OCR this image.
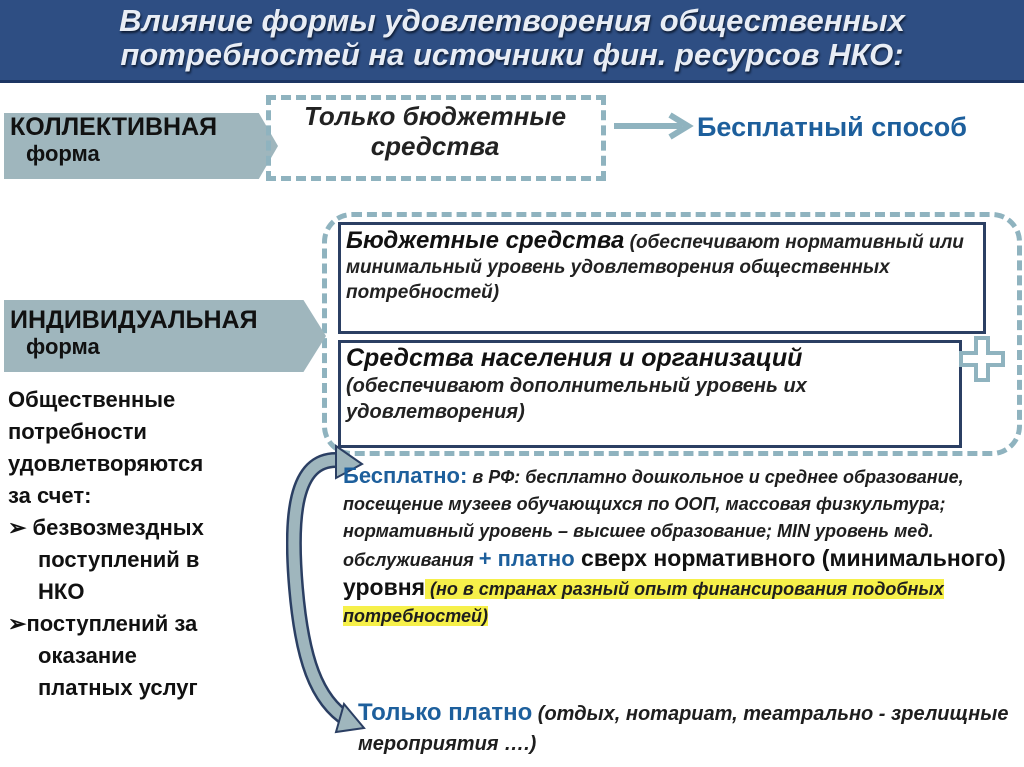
Влияние формы удовлетворения общественных
потребностей на источники фин. ресурсов НКО:
КОЛЛЕКТИВНАЯ
форма
Только бюджетные средства
Бесплатный способ
Бюджетные средства (обеспечивают нормативный или минимальный уровень удовлетворения общественных потребностей)
Средства населения и организаций
(обеспечивают дополнительный уровень их удовлетворения)
ИНДИВИДУАЛЬНАЯ
форма
Общественные
потребности
удовлетворяются
за счет:
➢ безвозмездных
поступлений в
НКО
➢поступлений за
оказание
платных услуг
Бесплатно: в РФ: бесплатно дошкольное и среднее образование, посещение музеев обучающихся по ООП, массовая физкультура; нормативный уровень – высшее образование; MIN уровень мед. обслуживания + платно сверх нормативного (минимального) уровня (но в странах разный опыт финансирования подобных потребностей)
Только платно (отдых, нотариат, театрально - зрелищные мероприятия ….)
